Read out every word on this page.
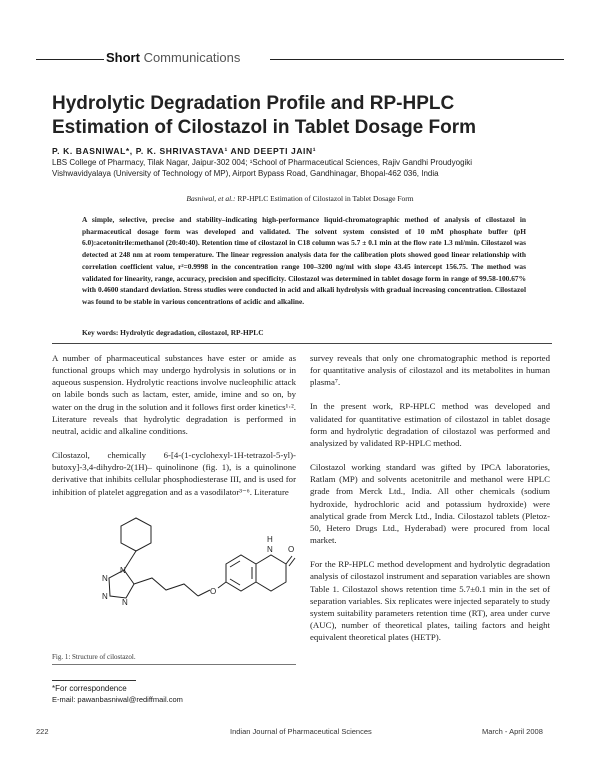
Short Communications
Hydrolytic Degradation Profile and RP-HPLC Estimation of Cilostazol in Tablet Dosage Form
P. K. BASNIWAL*, P. K. SHRIVASTAVA¹ AND DEEPTI JAIN¹
LBS College of Pharmacy, Tilak Nagar, Jaipur-302 004; ¹School of Pharmaceutical Sciences, Rajiv Gandhi Proudyogiki
Vishwavidyalaya (University of Technology of MP), Airport Bypass Road, Gandhinagar, Bhopal-462 036, India
Basniwal, et al.: RP-HPLC Estimation of Cilostazol in Tablet Dosage Form
A simple, selective, precise and stability–indicating high-performance liquid-chromatographic method of analysis of cilostazol in pharmaceutical dosage form was developed and validated. The solvent system consisted of 10 mM phosphate buffer (pH 6.0):acetonitrile:methanol (20:40:40). Retention time of cilostazol in C18 column was 5.7 ± 0.1 min at the flow rate 1.3 ml/min. Cilostazol was detected at 248 nm at room temperature. The linear regression analysis data for the calibration plots showed good linear relationship with correlation coefficient value, r²=0.9998 in the concentration range 100–3200 ng/ml with slope 43.45 intercept 156.75. The method was validated for linearity, range, accuracy, precision and specificity. Cilostazol was determined in tablet dosage form in range of 99.58-100.67% with 0.4600 standard deviation. Stress studies were conducted in acid and alkali hydrolysis with gradual increasing concentration. Cilostazol was found to be stable in various concentrations of acidic and alkaline.
Key words: Hydrolytic degradation, cilostazol, RP-HPLC

A number of pharmaceutical substances have ester or amide as functional groups which may undergo hydrolysis in solutions or in aqueous suspension. Hydrolytic reactions involve nucleophilic attack on labile bonds such as lactam, ester, amide, imine and so on, by water on the drug in the solution and it follows first order kinetics¹·². Literature reveals that hydrolytic degradation is performed in neutral, acidic and alkaline conditions.

Cilostazol, chemically 6-[4-(1-cyclohexyl-1H-tetrazol-5-yl)-butoxy]-3,4-dihydro-2(1H)– quinolinone (fig. 1), is a quinolinone derivative that inhibits cellular phosphodiesterase III, and is used for inhibition of platelet aggregation and as a vasodilator³⁻⁶. Literature

N
N
N
N
O
N
H
O
Fig. 1: Structure of cilostazol.
*For correspondence
E-mail: pawanbasniwal@rediffmail.com

survey reveals that only one chromatographic method is reported for quantitative analysis of cilostazol and its metabolites in human plasma⁷.

In the present work, RP-HPLC method was developed and validated for quantitative estimation of cilostazol in tablet dosage form and hydrolytic degradation of cilostazol was performed and analysized by validated RP-HPLC method.

Cilostazol working standard was gifted by IPCA laboratories, Ratlam (MP) and solvents acetonitrile and methanol were HPLC grade from Merck Ltd., India. All other chemicals (sodium hydroxide, hydrochloric acid and potassium hydroxide) were analytical grade from Merck Ltd., India. Cilostazol tablets (Pletoz-50, Hetero Drugs Ltd., Hyderabad) were procured from local market.

For the RP-HPLC method development and hydrolytic degradation analysis of cilostazol instrument and separation variables are shown Table 1. Cilostazol shows retention time 5.7±0.1 min in the set of separation variables. Six replicates were injected separately to study system suitability parameters retention time (RT), area under curve (AUC), number of theoretical plates, tailing factors and height equivalent theoretical plates (HETP).

222	Indian Journal of Pharmaceutical Sciences	March - April 2008
